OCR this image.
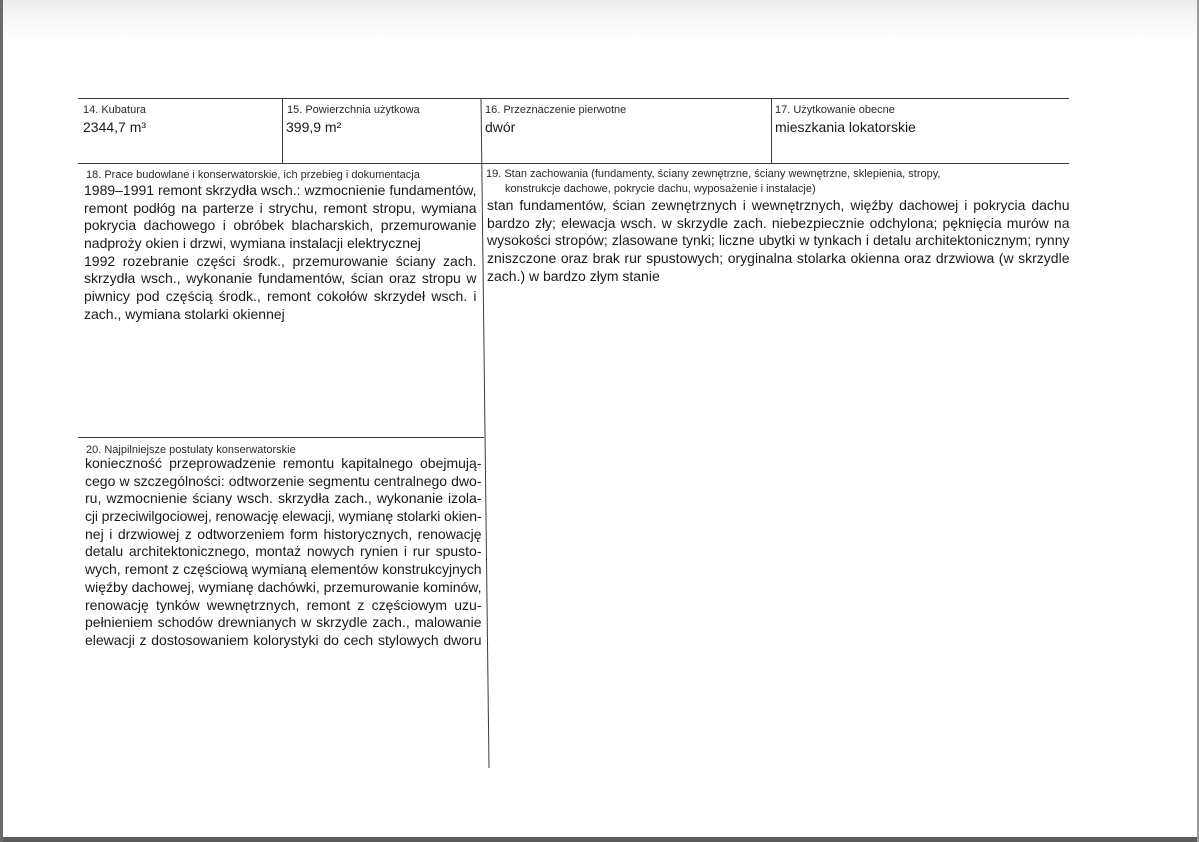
14. Kubatura
2344,7 m³
15. Powierzchnia użytkowa
399,9 m²
16. Przeznaczenie pierwotne
dwór
17. Użytkowanie obecne
mieszkania lokatorskie
18. Prace budowlane i konserwatorskie, ich przebieg i dokumentacja
1989–1991 remont skrzydła wsch.: wzmocnienie fundamentów,
remont podłóg na parterze i strychu, remont stropu, wymiana
pokrycia dachowego i obróbek blacharskich, przemurowanie
nadproży okien i drzwi, wymiana instalacji elektrycznej
1992 rozebranie części środk., przemurowanie ściany zach.
skrzydła wsch., wykonanie fundamentów, ścian oraz stropu w
piwnicy pod częścią środk., remont cokołów skrzydeł wsch. i
zach., wymiana stolarki okiennej
19. Stan zachowania (fundamenty, ściany zewnętrzne, ściany wewnętrzne, sklepienia, stropy,
konstrukcje dachowe, pokrycie dachu, wyposażenie i instalacje)
stan fundamentów, ścian zewnętrznych i wewnętrznych, więźby dachowej i pokrycia dachu
bardzo zły; elewacja wsch. w skrzydle zach. niebezpiecznie odchylona; pęknięcia murów na
wysokości stropów; zlasowane tynki; liczne ubytki w tynkach i detalu architektonicznym; rynny
zniszczone oraz brak rur spustowych; oryginalna stolarka okienna oraz drzwiowa (w skrzydle
zach.) w bardzo złym stanie
20. Najpilniejsze postulaty konserwatorskie
konieczność przeprowadzenie remontu kapitalnego obejmują-
cego w szczególności: odtworzenie segmentu centralnego dwo-
ru, wzmocnienie ściany wsch. skrzydła zach., wykonanie izola-
cji przeciwilgociowej, renowację elewacji, wymianę stolarki okien-
nej i drzwiowej z odtworzeniem form historycznych, renowację
detalu architektonicznego, montaż nowych rynien i rur spusto-
wych, remont z częściową wymianą elementów konstrukcyjnych
więźby dachowej, wymianę dachówki, przemurowanie kominów,
renowację tynków wewnętrznych, remont z częściowym uzu-
pełnieniem schodów drewnianych w skrzydle zach., malowanie
elewacji z dostosowaniem kolorystyki do cech stylowych dworu
